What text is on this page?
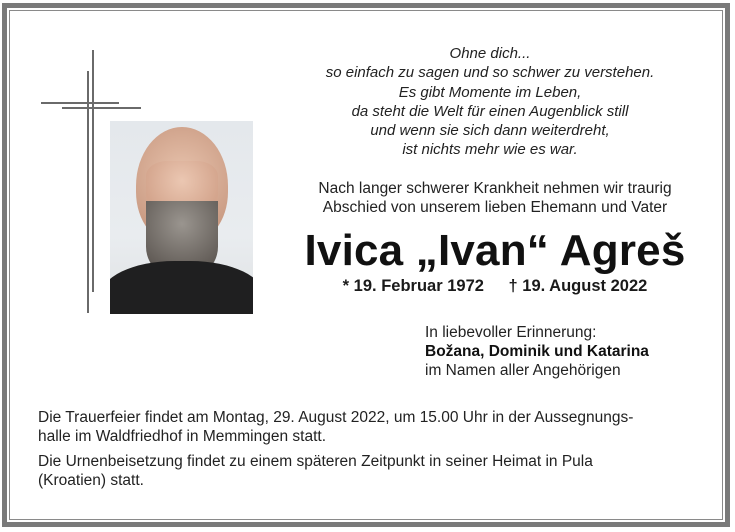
Ohne dich...
so einfach zu sagen und so schwer zu verstehen.
Es gibt Momente im Leben,
da steht die Welt für einen Augenblick still
und wenn sie sich dann weiterdreht,
ist nichts mehr wie es war.
Nach langer schwerer Krankheit nehmen wir traurig
Abschied von unserem lieben Ehemann und Vater
Ivica „Ivan“ Agreš
* 19. Februar 1972 † 19. August 2022
In liebevoller Erinnerung:
Božana, Dominik und Katarina
im Namen aller Angehörigen

Die Trauerfeier findet am Montag, 29. August 2022, um 15.00 Uhr in der Aussegnungs-
halle im Waldfriedhof in Memmingen statt.

Die Urnenbeisetzung findet zu einem späteren Zeitpunkt in seiner Heimat in Pula
(Kroatien) statt.
